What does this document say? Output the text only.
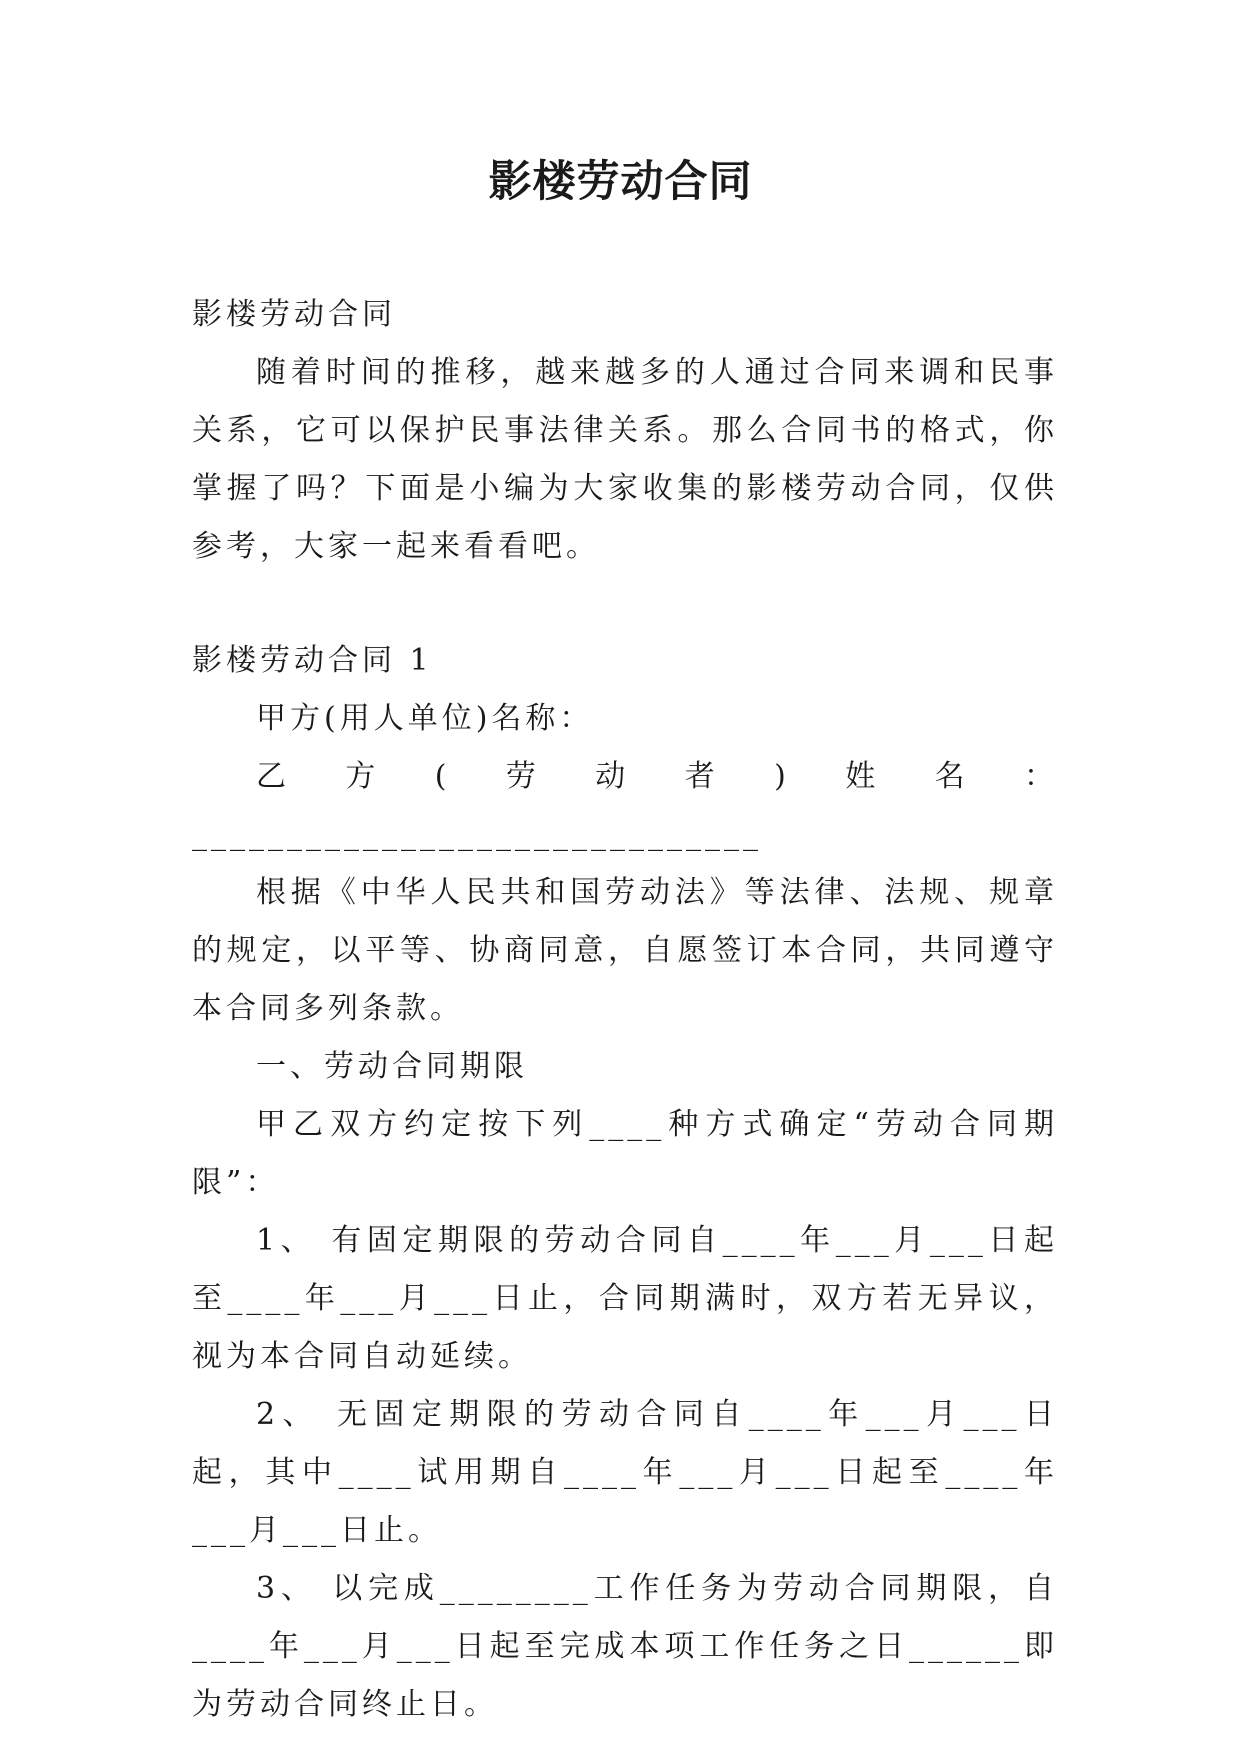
影楼劳动合同

影楼劳动合同

随着时间的推移，越来越多的人通过合同来调和民事关系，它可以保护民事法律关系。那么合同书的格式，你掌握了吗？下面是小编为大家收集的影楼劳动合同，仅供参考，大家一起来看看吧。

影楼劳动合同 1

甲方(用人单位)名称：

乙方(劳动者)姓名：______________________________

根据《中华人民共和国劳动法》等法律、法规、规章的规定，以平等、协商同意，自愿签订本合同，共同遵守本合同多列条款。

一、劳动合同期限

甲乙双方约定按下列____种方式确定“劳动合同期限”：

1、 有固定期限的劳动合同自____年___月___日起至____年___月___日止，合同期满时，双方若无异议，视为本合同自动延续。

2、 无固定期限的劳动合同自____年___月___日起，其中____试用期自____年___月___日起至____年___月___日止。

3、 以完成________工作任务为劳动合同期限，自____年___月___日起至完成本项工作任务之日______即为劳动合同终止日。
